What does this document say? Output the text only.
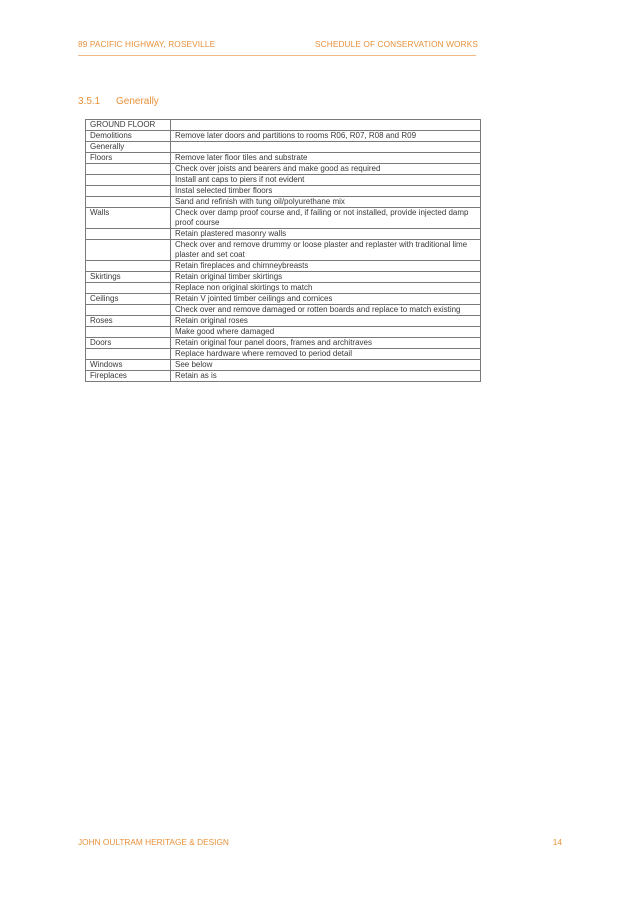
89 PACIFIC HIGHWAY, ROSEVILLE	SCHEDULE OF CONSERVATION WORKS
3.5.1 Generally
GROUND FLOOR	
Demolitions	Remove later doors and partitions to rooms R06, R07, R08 and R09
Generally	
Floors	Remove later floor tiles and substrate
	Check over joists and bearers and make good as required
	Install ant caps to piers if not evident
	Instal selected timber floors
	Sand and refinish with tung oil/polyurethane mix
Walls	Check over damp proof course and, if failing or not installed, provide injected damp proof course
	Retain plastered masonry walls
	Check over and remove drummy or loose plaster and replaster with traditional lime plaster and set coat
	Retain fireplaces and chimneybreasts
Skirtings	Retain original timber skirtings
	Replace non original skirtings to match
Ceilings	Retain V jointed timber ceilings and cornices
	Check over and remove damaged or rotten boards and replace to match existing
Roses	Retain original roses
	Make good where damaged
Doors	Retain original four panel doors, frames and architraves
	Replace hardware where removed to period detail
Windows	See below
Fireplaces	Retain as is
JOHN OULTRAM HERITAGE & DESIGN	14
